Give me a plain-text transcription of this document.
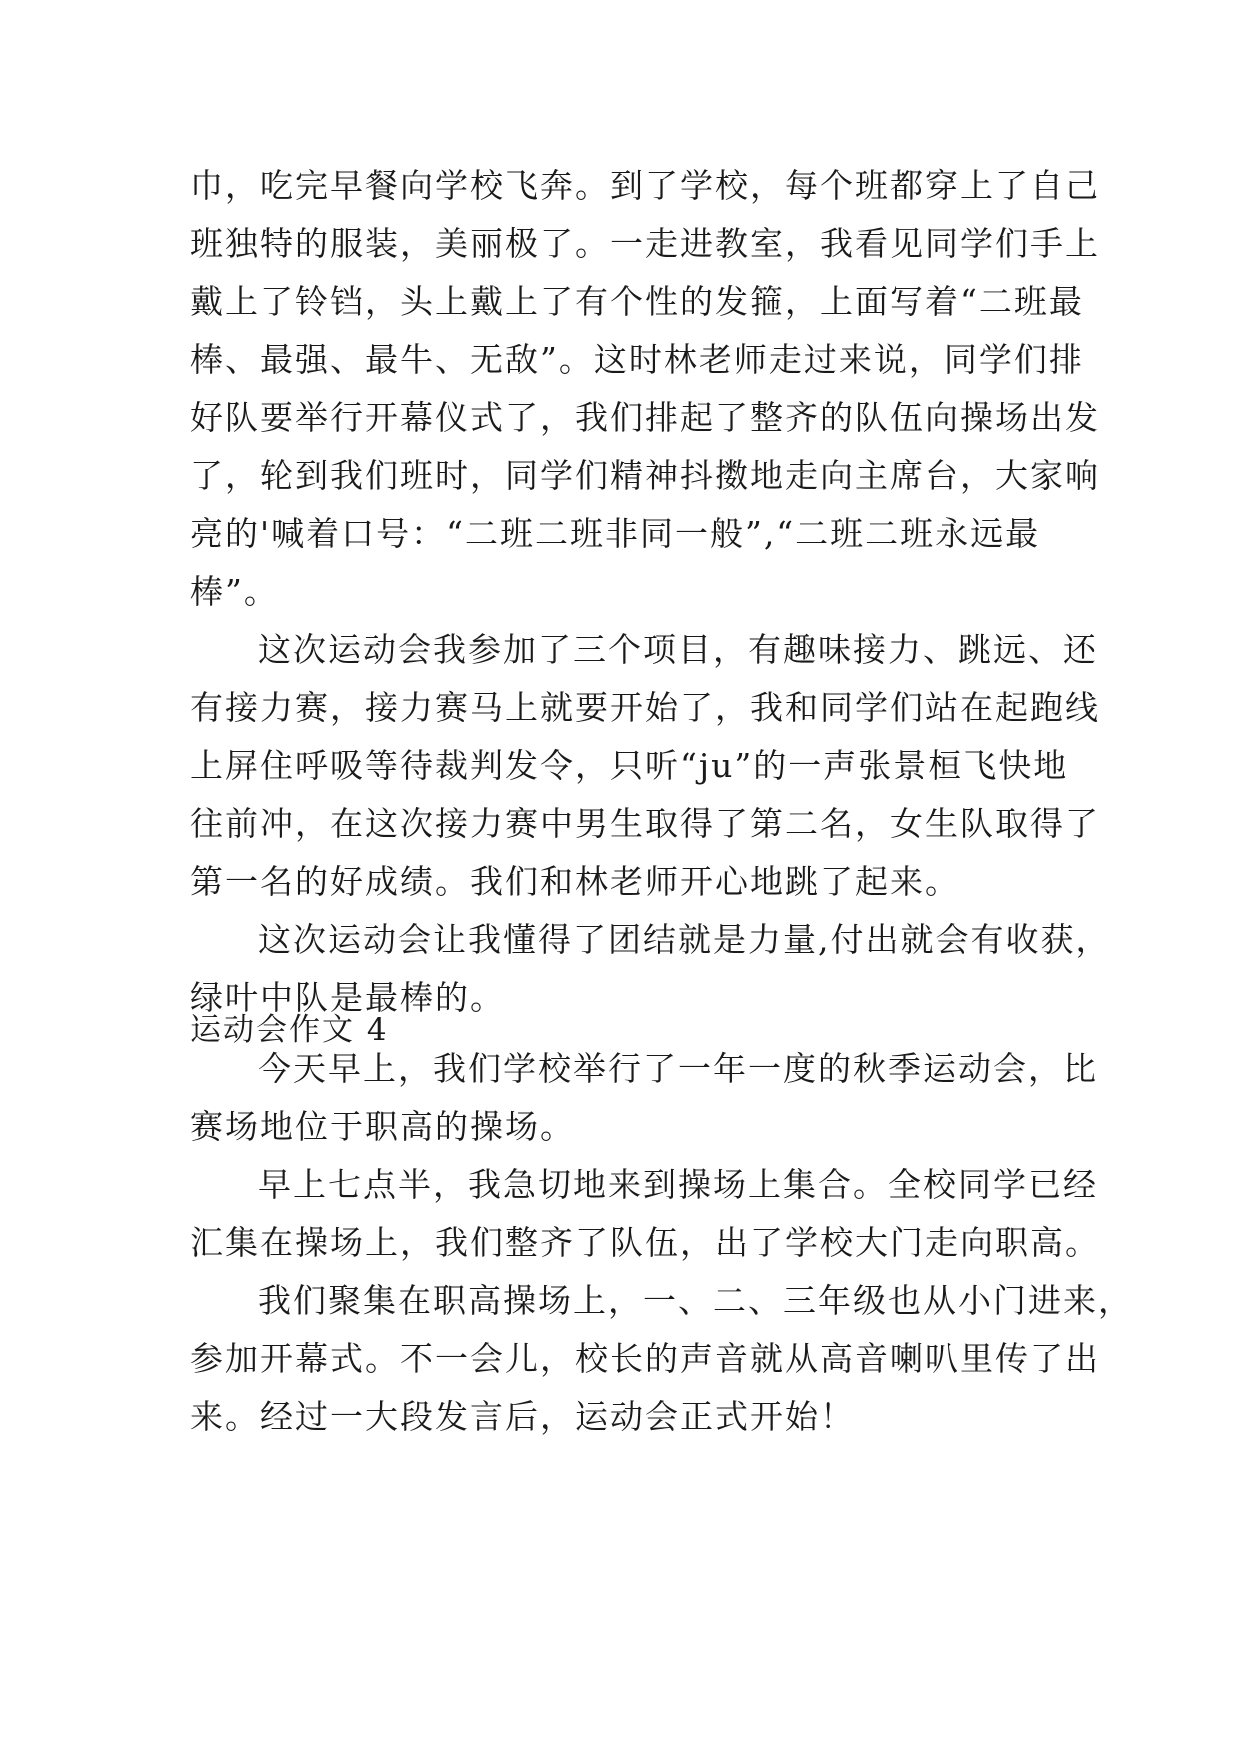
巾，吃完早餐向学校飞奔。到了学校，每个班都穿上了自己
班独特的服装，美丽极了。一走进教室，我看见同学们手上
戴上了铃铛，头上戴上了有个性的发箍，上面写着“二班最
棒、最强、最牛、无敌”。这时林老师走过来说，同学们排
好队要举行开幕仪式了，我们排起了整齐的队伍向操场出发
了，轮到我们班时，同学们精神抖擞地走向主席台，大家响
亮的'喊着口号：“二班二班非同一般”,“二班二班永远最
棒”。
这次运动会我参加了三个项目，有趣味接力、跳远、还
有接力赛，接力赛马上就要开始了，我和同学们站在起跑线
上屏住呼吸等待裁判发令，只听“ju”的一声张景桓飞快地
往前冲，在这次接力赛中男生取得了第二名，女生队取得了
第一名的好成绩。我们和林老师开心地跳了起来。
这次运动会让我懂得了团结就是力量,付出就会有收获，
绿叶中队是最棒的。
运动会作文 4
今天早上，我们学校举行了一年一度的秋季运动会，比
赛场地位于职高的操场。
早上七点半，我急切地来到操场上集合。全校同学已经
汇集在操场上，我们整齐了队伍，出了学校大门走向职高。
我们聚集在职高操场上，一、二、三年级也从小门进来，
参加开幕式。不一会儿，校长的声音就从高音喇叭里传了出
来。经过一大段发言后，运动会正式开始！
